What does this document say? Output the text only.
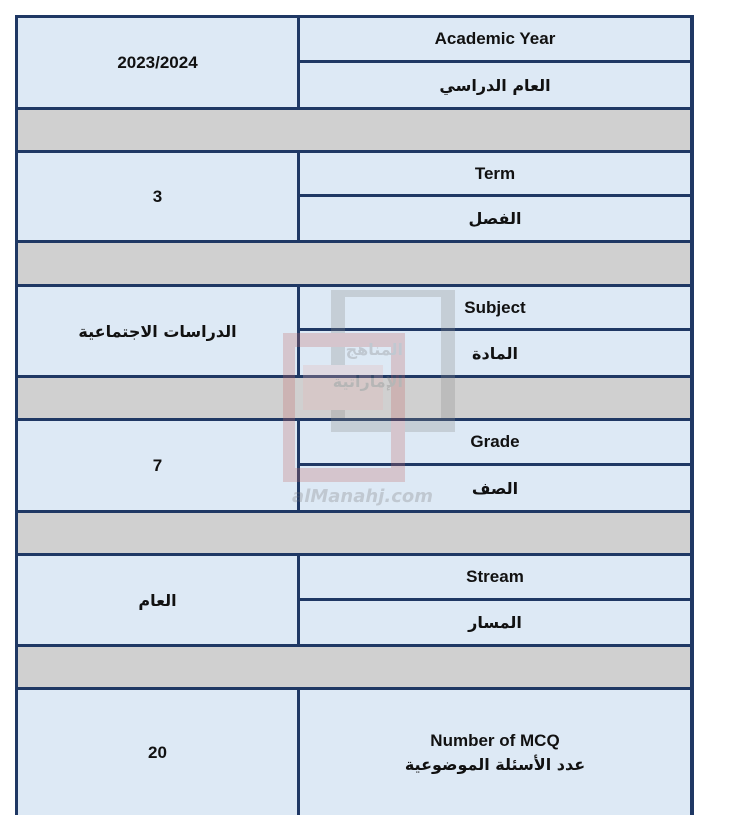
2023/2024
Academic Year
العام الدراسي
3
Term
الفصل
الدراسات الاجتماعية
Subject
المادة
7
Grade
الصف
العام
Stream
المسار
20
Number of MCQ
عدد الأسئلة الموضوعية
المناهج
الإماراتية
alManahj.com
